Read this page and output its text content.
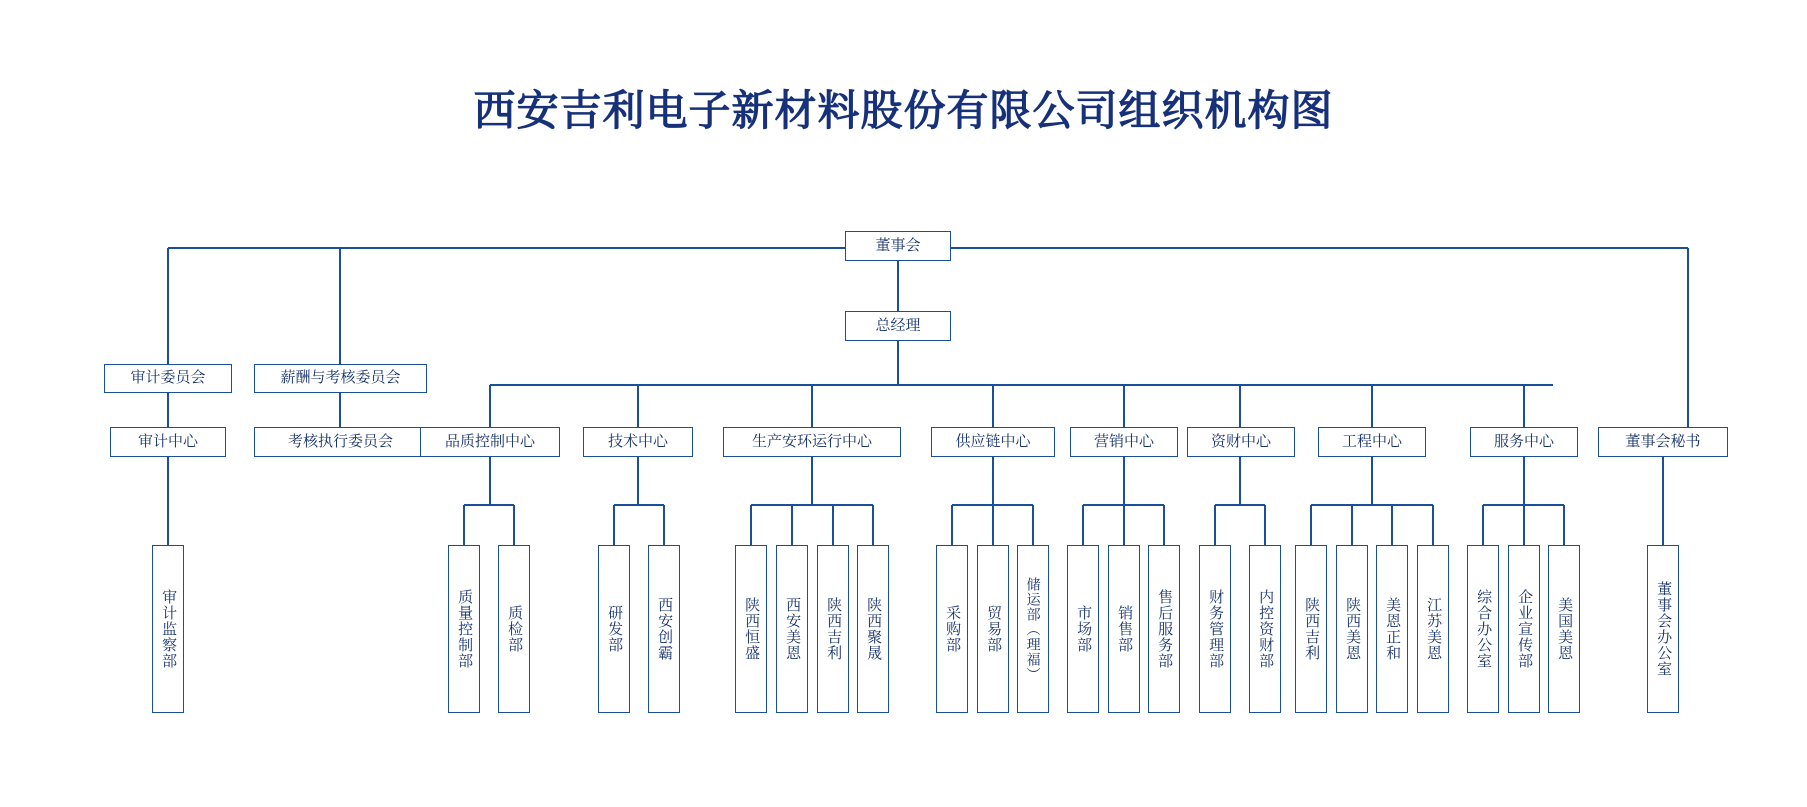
西安吉利电子新材料股份有限公司组织机构图
董事会
总经理
审计委员会	薪酬与考核委员会
审计中心	考核执行委员会	品质控制中心	技术中心	生产安环运行中心	供应链中心	营销中心	资财中心	工程中心	服务中心	董事会秘书
审计监察部	质量控制部 质检部	研发部 西安创霸	陕西恒盛 西安美恩 陕西吉利 陕西聚晟	采购部 贸易部 储运部（理福） 市场部 销售部 售后服务部 财务管理部 内控资财部 陕西吉利 陕西美恩 美恩正和 江苏美恩 综合办公室 企业宣传部 美国美恩	董事会办公室
